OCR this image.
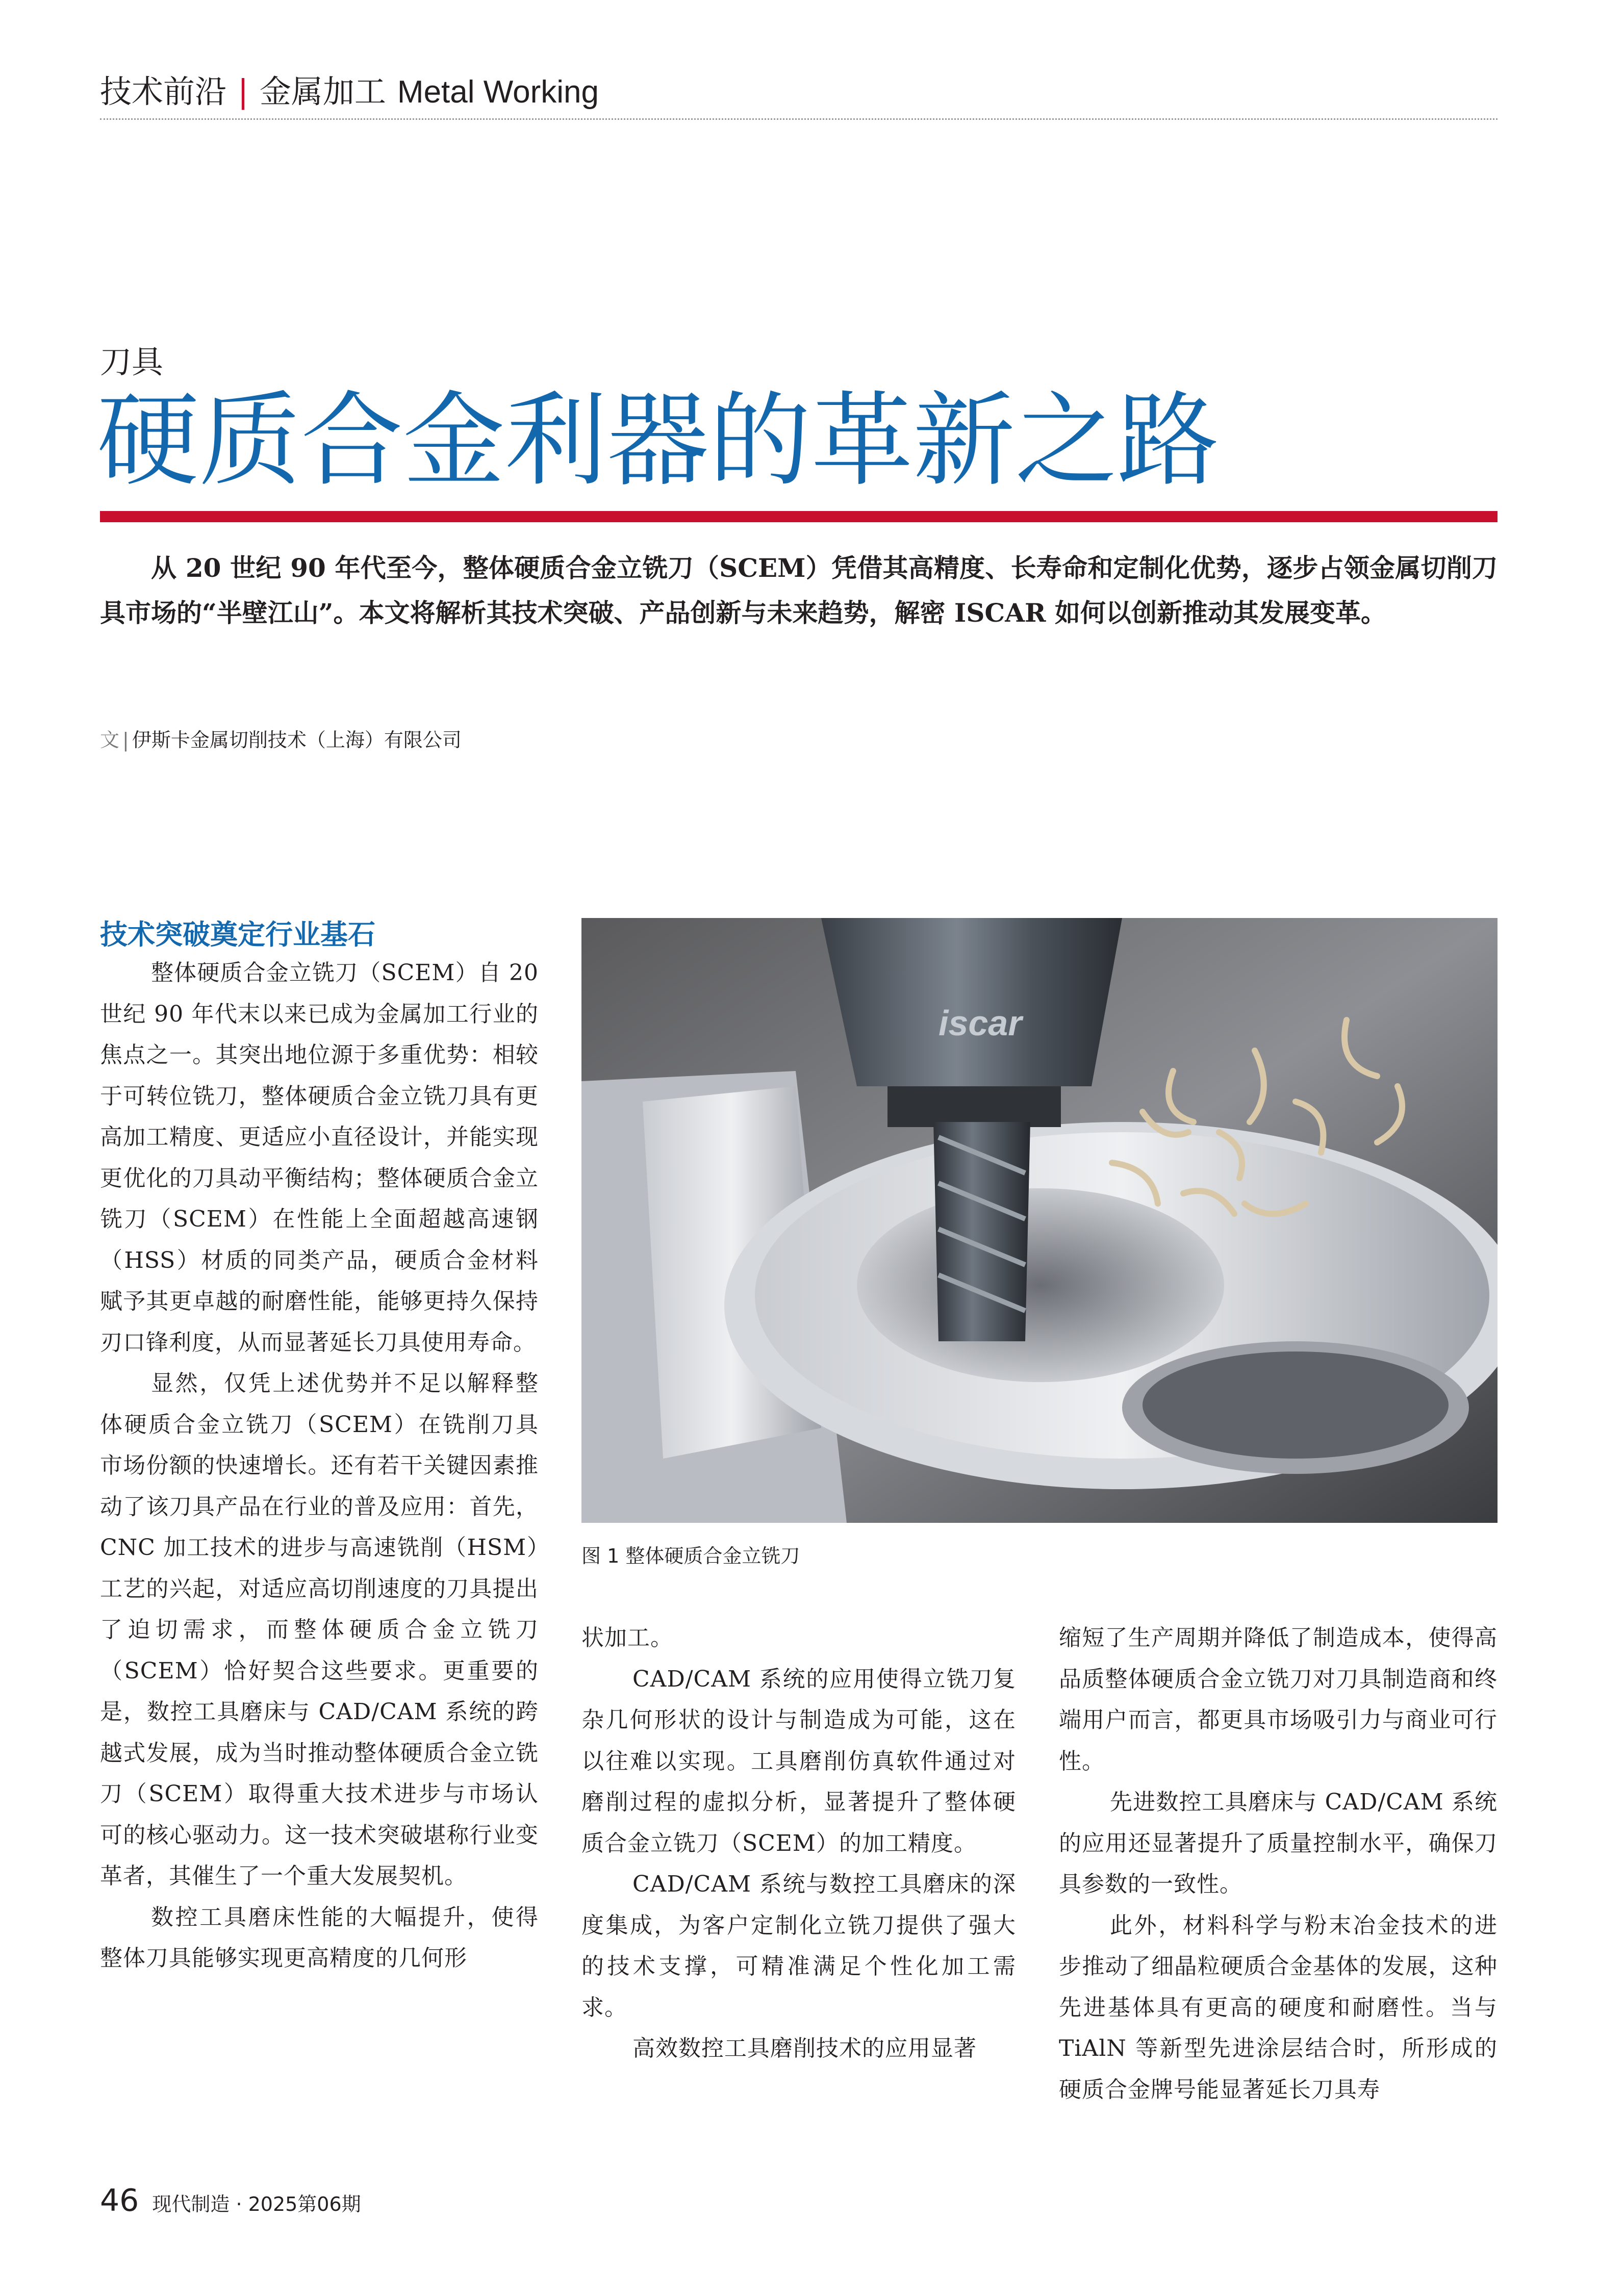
技术前沿 | 金属加工 Metal Working
刀具
硬质合金利器的革新之路
从 20 世纪 90 年代至今，整体硬质合金立铣刀（SCEM）凭借其高精度、长寿命和定制化优势，逐步占领金属切削刀具市场的“半壁江山”。本文将解析其技术突破、产品创新与未来趋势，解密 ISCAR 如何以创新推动其发展变革。
文 | 伊斯卡金属切削技术（上海）有限公司
技术突破奠定行业基石

整体硬质合金立铣刀（SCEM）自 20 世纪 90 年代末以来已成为金属加工行业的焦点之一。其突出地位源于多重优势：相较于可转位铣刀，整体硬质合金立铣刀具有更高加工精度、更适应小直径设计，并能实现更优化的刀具动平衡结构；整体硬质合金立铣刀（SCEM）在性能上全面超越高速钢（HSS）材质的同类产品，硬质合金材料赋予其更卓越的耐磨性能，能够更持久保持刃口锋利度，从而显著延长刀具使用寿命。

显然，仅凭上述优势并不足以解释整体硬质合金立铣刀（SCEM）在铣削刀具市场份额的快速增长。还有若干关键因素推动了该刀具产品在行业的普及应用：首先，CNC 加工技术的进步与高速铣削（HSM）工艺的兴起，对适应高切削速度的刀具提出了迫切需求，而整体硬质合金立铣刀（SCEM）恰好契合这些要求。更重要的是，数控工具磨床与 CAD/CAM 系统的跨越式发展，成为当时推动整体硬质合金立铣刀（SCEM）取得重大技术进步与市场认可的核心驱动力。这一技术突破堪称行业变革者，其催生了一个重大发展契机。

数控工具磨床性能的大幅提升，使得整体刀具能够实现更高精度的几何形

iscar
图 1 整体硬质合金立铣刀

状加工。

CAD/CAM 系统的应用使得立铣刀复杂几何形状的设计与制造成为可能，这在以往难以实现。工具磨削仿真软件通过对磨削过程的虚拟分析，显著提升了整体硬质合金立铣刀（SCEM）的加工精度。

CAD/CAM 系统与数控工具磨床的深度集成，为客户定制化立铣刀提供了强大的技术支撑，可精准满足个性化加工需求。

高效数控工具磨削技术的应用显著

缩短了生产周期并降低了制造成本，使得高品质整体硬质合金立铣刀对刀具制造商和终端用户而言，都更具市场吸引力与商业可行性。

先进数控工具磨床与 CAD/CAM 系统的应用还显著提升了质量控制水平，确保刀具参数的一致性。

此外，材料科学与粉末冶金技术的进步推动了细晶粒硬质合金基体的发展，这种先进基体具有更高的硬度和耐磨性。当与 TiAlN 等新型先进涂层结合时，所形成的硬质合金牌号能显著延长刀具寿

46 现代制造 · 2025第06期
